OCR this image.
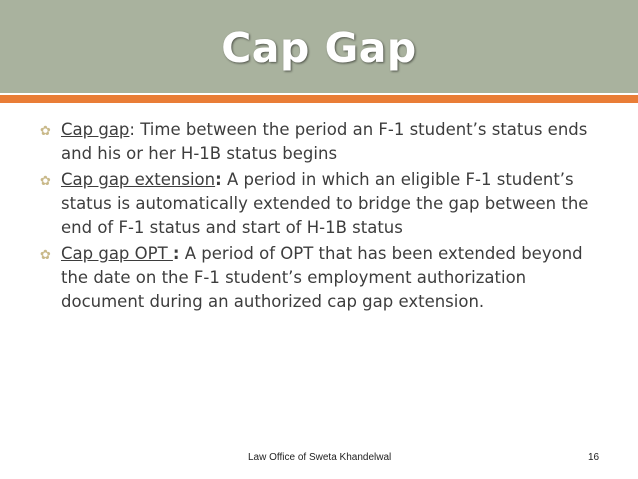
Cap Gap
✿ Cap gap: Time between the period an F-1 student’s status ends and his or her H-1B status begins
✿ Cap gap extension: A period in which an eligible F-1 student’s status is automatically extended to bridge the gap between the end of F-1 status and start of H-1B status
✿ Cap gap OPT : A period of OPT that has been extended beyond the date on the F-1 student’s employment authorization document during an authorized cap gap extension.
Law Office of Sweta Khandelwal	16
